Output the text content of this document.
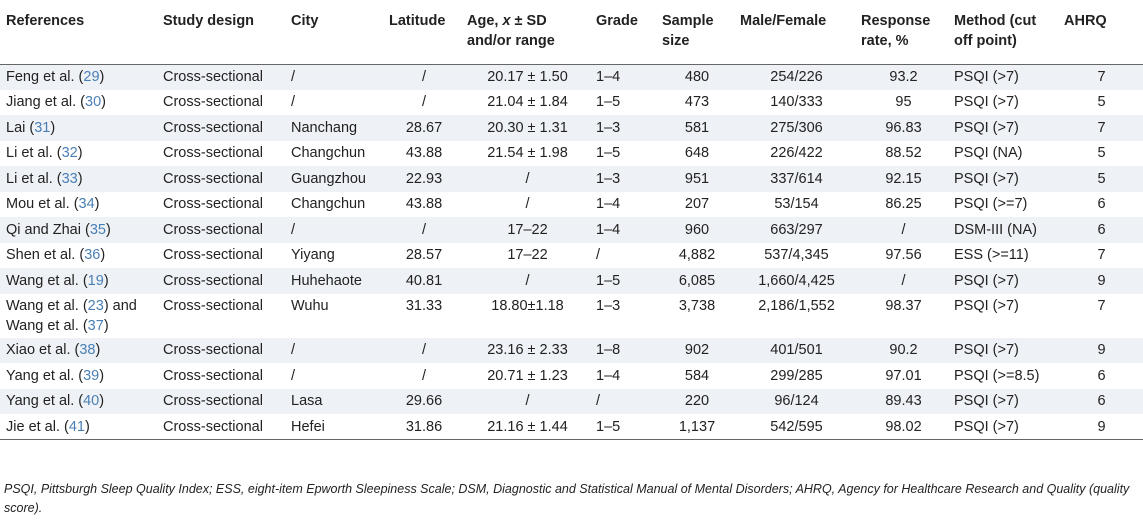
References	Study design	City	Latitude	Age, x ± SD and/or range	Grade	Sample size	Male/Female	Response rate, %	Method (cut off point)	AHRQ
Feng et al. (29)	Cross-sectional	/	/	20.17 ± 1.50	1–4	480	254/226	93.2	PSQI (>7)	7
Jiang et al. (30)	Cross-sectional	/	/	21.04 ± 1.84	1–5	473	140/333	95	PSQI (>7)	5
Lai (31)	Cross-sectional	Nanchang	28.67	20.30 ± 1.31	1–3	581	275/306	96.83	PSQI (>7)	7
Li et al. (32)	Cross-sectional	Changchun	43.88	21.54 ± 1.98	1–5	648	226/422	88.52	PSQI (NA)	5
Li et al. (33)	Cross-sectional	Guangzhou	22.93	/	1–3	951	337/614	92.15	PSQI (>7)	5
Mou et al. (34)	Cross-sectional	Changchun	43.88	/	1–4	207	53/154	86.25	PSQI (>=7)	6
Qi and Zhai (35)	Cross-sectional	/	/	17–22	1–4	960	663/297	/	DSM-III (NA)	6
Shen et al. (36)	Cross-sectional	Yiyang	28.57	17–22	/	4,882	537/4,345	97.56	ESS (>=11)	7
Wang et al. (19)	Cross-sectional	Huhehaote	40.81	/	1–5	6,085	1,660/4,425	/	PSQI (>7)	9
Wang et al. (23) and
Wang et al. (37)	Cross-sectional	Wuhu	31.33	18.80±1.18	1–3	3,738	2,186/1,552	98.37	PSQI (>7)	7
Xiao et al. (38)	Cross-sectional	/	/	23.16 ± 2.33	1–8	902	401/501	90.2	PSQI (>7)	9
Yang et al. (39)	Cross-sectional	/	/	20.71 ± 1.23	1–4	584	299/285	97.01	PSQI (>=8.5)	6
Yang et al. (40)	Cross-sectional	Lasa	29.66	/	/	220	96/124	89.43	PSQI (>7)	6
Jie et al. (41)	Cross-sectional	Hefei	31.86	21.16 ± 1.44	1–5	1,137	542/595	98.02	PSQI (>7)	9
PSQI, Pittsburgh Sleep Quality Index; ESS, eight-item Epworth Sleepiness Scale; DSM, Diagnostic and Statistical Manual of Mental Disorders; AHRQ, Agency for Healthcare Research and Quality (quality score).
